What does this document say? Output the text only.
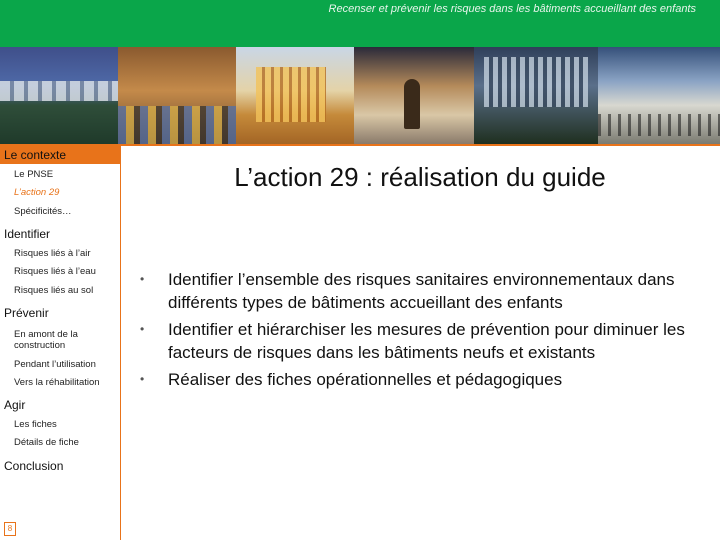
Recenser et prévenir les risques dans les bâtiments accueillant des enfants
Le contexte
Le PNSE
L’action 29
Spécificités…
Identifier
Risques liés à l’air
Risques liés à l’eau
Risques liés au sol
Prévenir
En amont de la construction
Pendant l’utilisation
Vers la réhabilitation
Agir
Les fiches
Détails de fiche
Conclusion
8
L’action 29 : réalisation du guide
• Identifier l’ensemble des risques sanitaires environnementaux dans différents types de bâtiments accueillant des enfants
• Identifier et hiérarchiser les mesures de prévention pour diminuer les facteurs de risques dans les bâtiments neufs et existants
• Réaliser des fiches opérationnelles et pédagogiques
